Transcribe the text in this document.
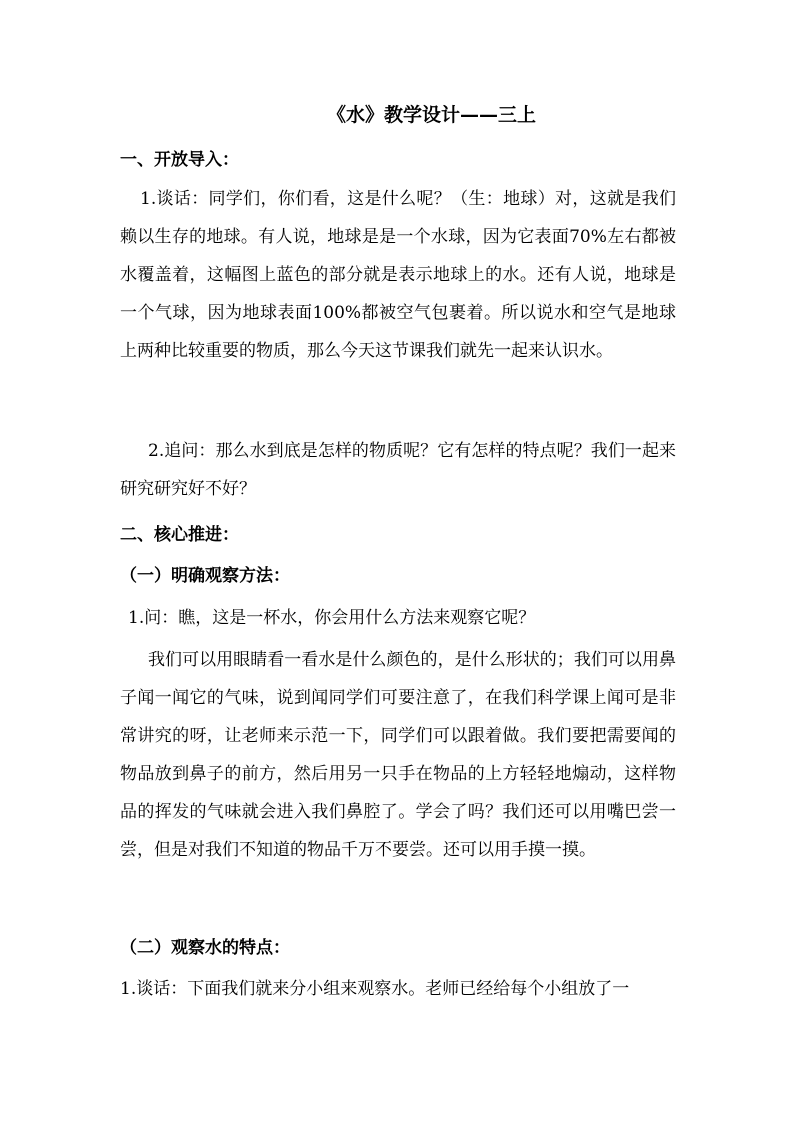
《水》教学设计——三上
一、开放导入：
1.谈话：同学们，你们看，这是什么呢？（生：地球）对，这就是我们赖以生存的地球。有人说，地球是是一个水球，因为它表面70%左右都被水覆盖着，这幅图上蓝色的部分就是表示地球上的水。还有人说，地球是一个气球，因为地球表面100%都被空气包裹着。所以说水和空气是地球上两种比较重要的物质，那么今天这节课我们就先一起来认识水。
2.追问：那么水到底是怎样的物质呢？它有怎样的特点呢？我们一起来研究研究好不好？
二、核心推进：
（一）明确观察方法：
1.问：瞧，这是一杯水，你会用什么方法来观察它呢？
我们可以用眼睛看一看水是什么颜色的，是什么形状的；我们可以用鼻子闻一闻它的气味，说到闻同学们可要注意了，在我们科学课上闻可是非常讲究的呀，让老师来示范一下，同学们可以跟着做。我们要把需要闻的物品放到鼻子的前方，然后用另一只手在物品的上方轻轻地煽动，这样物品的挥发的气味就会进入我们鼻腔了。学会了吗？我们还可以用嘴巴尝一尝，但是对我们不知道的物品千万不要尝。还可以用手摸一摸。
（二）观察水的特点：
1.谈话：下面我们就来分小组来观察水。老师已经给每个小组放了一
